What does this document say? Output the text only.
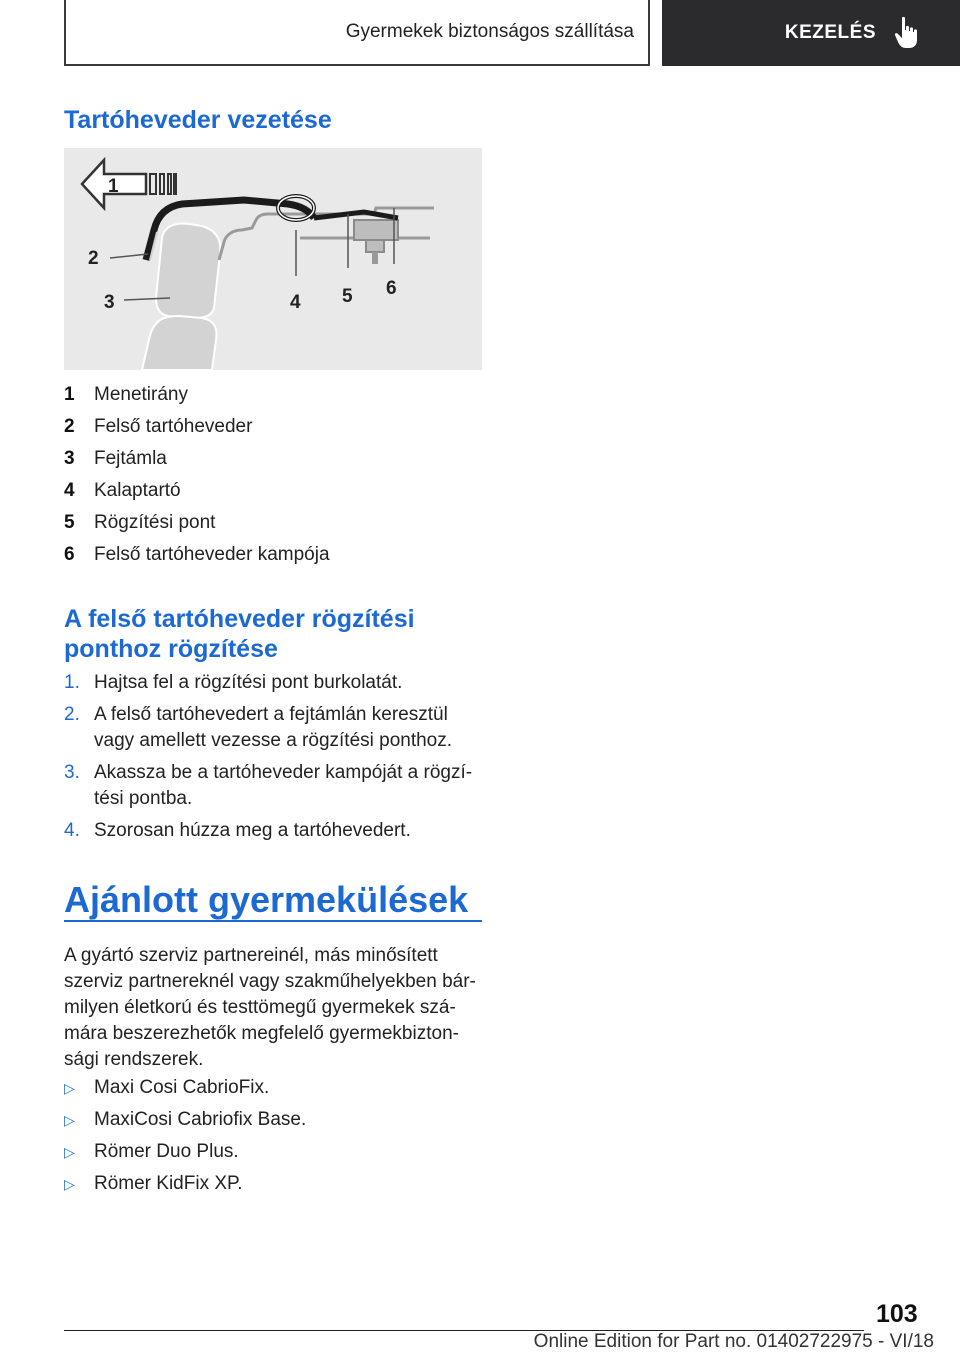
Gyermekek biztonságos szállítása	KEZELÉS
Tartóheveder vezetése
1
2
3	4 5 6
1	Menetirány
2	Felső tartóheveder
3	Fejtámla
4	Kalaptartó
5	Rögzítési pont
6	Felső tartóheveder kampója
A felső tartóheveder rögzítési
ponthoz rögzítése
1. Hajtsa fel a rögzítési pont burkolatát.
2. A felső tartóhevedert a fejtámlán keresztül vagy amellett vezesse a rögzítési ponthoz.
3. Akassza be a tartóheveder kampóját a rögzítési pontba.
4. Szorosan húzza meg a tartóhevedert.
Ajánlott gyermekülések
A gyártó szerviz partnereinél, más minősített szerviz partnereknél vagy szakműhelyekben bármilyen életkorú és testtömegű gyermekek számára beszerezhetők megfelelő gyermekbiztonsági rendszerek.
▷	Maxi Cosi CabrioFix.
▷	MaxiCosi Cabriofix Base.
▷	Römer Duo Plus.
▷	Römer KidFix XP.
103
Online Edition for Part no. 01402722975 - VI/18
